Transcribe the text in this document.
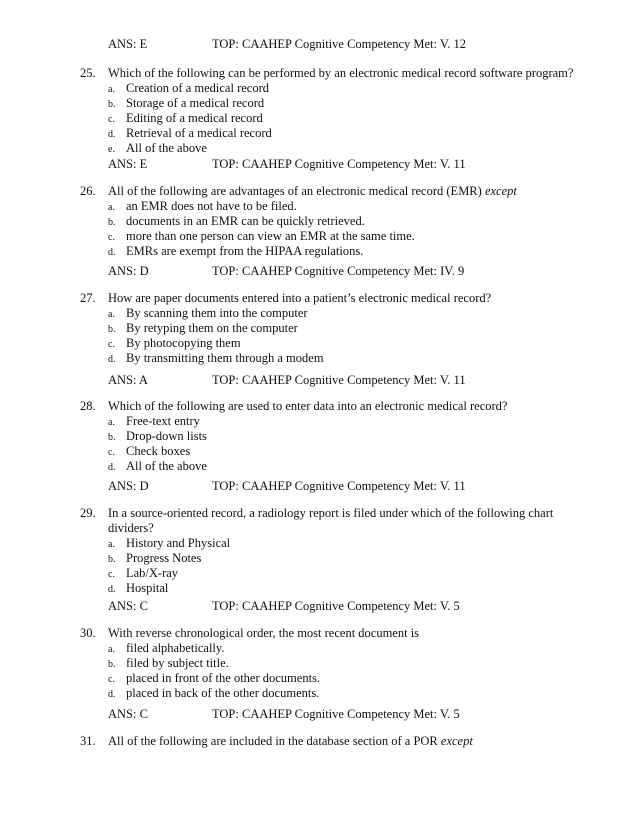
ANS: E	TOP: CAAHEP Cognitive Competency Met: V. 12
25. Which of the following can be performed by an electronic medical record software program?
a. Creation of a medical record
b. Storage of a medical record
c. Editing of a medical record
d. Retrieval of a medical record
e. All of the above
ANS: E	TOP: CAAHEP Cognitive Competency Met: V. 11
26. All of the following are advantages of an electronic medical record (EMR) except
a. an EMR does not have to be filed.
b. documents in an EMR can be quickly retrieved.
c. more than one person can view an EMR at the same time.
d. EMRs are exempt from the HIPAA regulations.
ANS: D	TOP: CAAHEP Cognitive Competency Met: IV. 9
27. How are paper documents entered into a patient’s electronic medical record?
a. By scanning them into the computer
b. By retyping them on the computer
c. By photocopying them
d. By transmitting them through a modem
ANS: A	TOP: CAAHEP Cognitive Competency Met: V. 11
28. Which of the following are used to enter data into an electronic medical record?
a. Free-text entry
b. Drop-down lists
c. Check boxes
d. All of the above
ANS: D	TOP: CAAHEP Cognitive Competency Met: V. 11
29. In a source-oriented record, a radiology report is filed under which of the following chart dividers?
a. History and Physical
b. Progress Notes
c. Lab/X-ray
d. Hospital
ANS: C	TOP: CAAHEP Cognitive Competency Met: V. 5
30. With reverse chronological order, the most recent document is
a. filed alphabetically.
b. filed by subject title.
c. placed in front of the other documents.
d. placed in back of the other documents.
ANS: C	TOP: CAAHEP Cognitive Competency Met: V. 5
31. All of the following are included in the database section of a POR except
